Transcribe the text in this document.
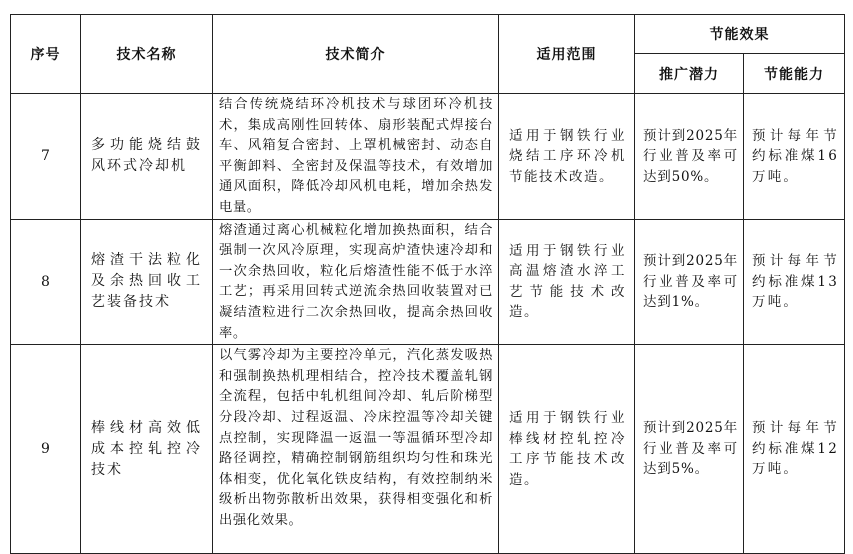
序号	技术名称	技术简介	适用范围	节能效果	
				推广潜力	节能能力
7	多功能烧结鼓风环式冷却机	结合传统烧结环冷机技术与球团环冷机技术，集成高刚性回转体、扇形装配式焊接台车、风箱复合密封、上罩机械密封、动态自平衡卸料、全密封及保温等技术，有效增加通风面积，降低冷却风机电耗，增加余热发电量。	适用于钢铁行业烧结工序环冷机节能技术改造。	预计到2025年行业普及率可达到50%。	预计每年节约标准煤16万吨。
8	熔渣干法粒化及余热回收工艺装备技术	熔渣通过离心机械粒化增加换热面积，结合强制一次风冷原理，实现高炉渣快速冷却和一次余热回收，粒化后熔渣性能不低于水淬工艺；再采用回转式逆流余热回收装置对已凝结渣粒进行二次余热回收，提高余热回收率。	适用于钢铁行业高温熔渣水淬工艺节能技术改造。	预计到2025年行业普及率可达到1%。	预计每年节约标准煤13万吨。
9	棒线材高效低成本控轧控冷技术	以气雾冷却为主要控冷单元，汽化蒸发吸热和强制换热机理相结合，控冷技术覆盖轧钢全流程，包括中轧机组间冷却、轧后阶梯型分段冷却、过程返温、冷床控温等冷却关键点控制，实现降温一返温一等温循环型冷却路径调控，精确控制钢筋组织均匀性和珠光体相变，优化氧化铁皮结构，有效控制纳米级析出物弥散析出效果，获得相变强化和析出强化效果。	适用于钢铁行业棒线材控轧控冷工序节能技术改造。	预计到2025年行业普及率可达到5%。	预计每年节约标准煤12万吨。
